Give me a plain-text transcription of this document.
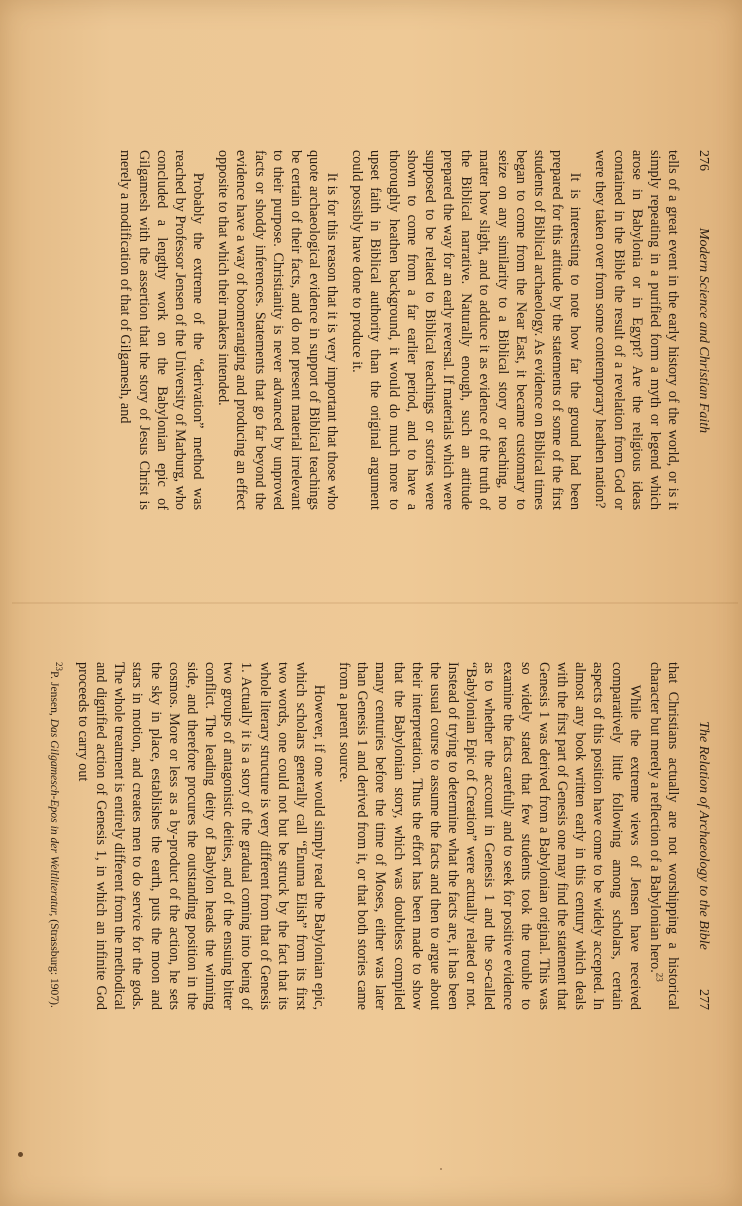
276
Modern Science and Christian Faith

tells of a great event in the early history of the world, or is it simply repeating in a purified form a myth or legend which arose in Babylonia or in Egypt? Are the religious ideas contained in the Bible the result of a revelation from God or were they taken over from some contemporary heathen nation?

It is interesting to note how far the ground had been prepared for this attitude by the statements of some of the first students of Biblical archaeology. As evidence on Biblical times began to come from the Near East, it became customary to seize on any similarity to a Biblical story or teaching, no matter how slight, and to adduce it as evidence of the truth of the Biblical narrative. Naturally enough, such an attitude prepared the way for an early reversal. If materials which were supposed to be related to Biblical teachings or stories were shown to come from a far earlier period, and to have a thoroughly heathen background, it would do much more to upset faith in Biblical authority than the original argument could possibly have done to produce it.

It is for this reason that it is very important that those who quote archaeological evidence in support of Biblical teachings be certain of their facts, and do not present material irrelevant to their purpose. Christianity is never advanced by unproved facts or shoddy inferences. Statements that go far beyond the evidence have a way of boomeranging and producing an effect opposite to that which their makers intended.

Probably the extreme of the “derivation” method was reached by Professor Jensen of the University of Marburg, who concluded a lengthy work on the Babylonian epic of Gilgamesh with the assertion that the story of Jesus Christ is merely a modification of that of Gilgamesh, and

The Relation of Archaeology to the Bible
277

that Christians actually are not worshipping a historical character but merely a reflection of a Babylonian hero.$^{23}$

While the extreme views of Jensen have received comparatively little following among scholars, certain aspects of this position have come to be widely accepted. In almost any book written early in this century which deals with the first part of Genesis one may find the statement that Genesis 1 was derived from a Babylonian original. This was so widely stated that few students took the trouble to examine the facts carefully and to seek for positive evidence as to whether the account in Genesis 1 and the so-called “Babylonian Epic of Creation” were actually related or not. Instead of trying to determine what the facts are, it has been the usual course to assume the facts and then to argue about their interpretation. Thus the effort has been made to show that the Babylonian story, which was doubtless compiled many centuries before the time of Moses, either was later than Genesis 1 and derived from it, or that both stories came from a parent source.

However, if one would simply read the Babylonian epic, which scholars generally call “Enuma Elish” from its first two words, one could not but be struck by the fact that its whole literary structure is very different from that of Genesis 1. Actually it is a story of the gradual coming into being of two groups of antagonistic deities, and of the ensuing bitter conflict. The leading deity of Babylon heads the winning side, and therefore procures the outstanding position in the cosmos. More or less as a by-product of the action, he sets the sky in place, establishes the earth, puts the moon and stars in motion, and creates men to do service for the gods. The whole treatment is entirely different from the methodical and dignified action of Genesis 1, in which an infinite God proceeds to carry out

$^{23}$P. Jensen, Das Gilgamesch-Epos in der Weltliteratur, (Strassburg: 1907).
